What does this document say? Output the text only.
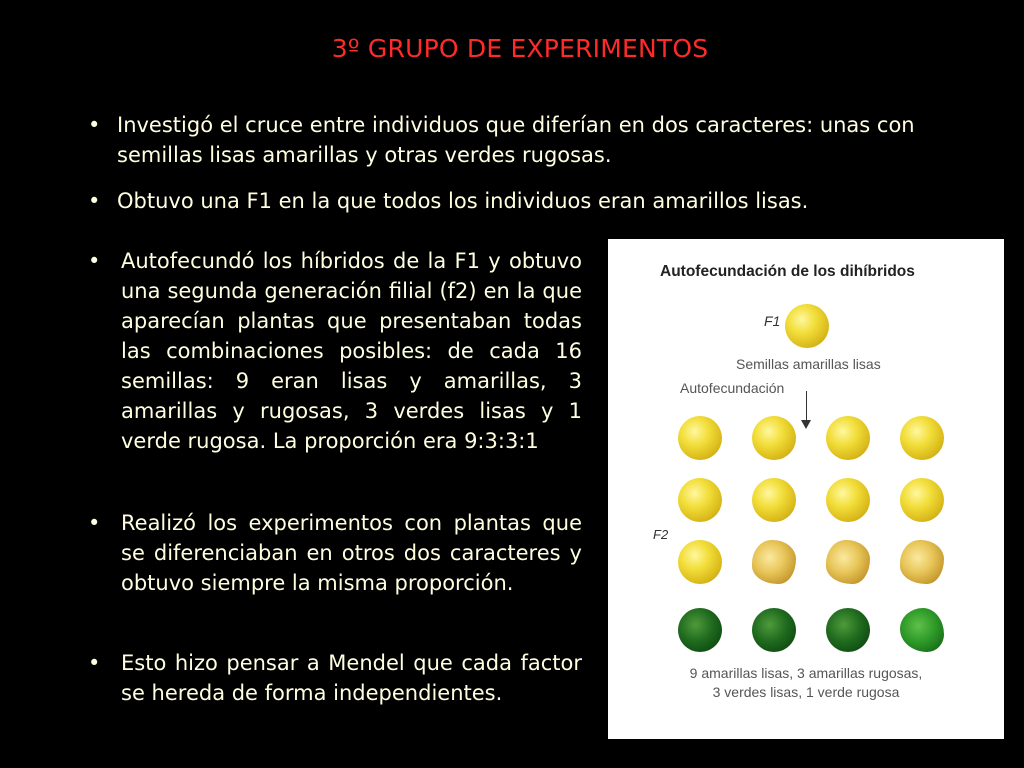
3º GRUPO DE EXPERIMENTOS
• Investigó el cruce entre individuos que diferían en dos caracteres: unas con semillas lisas amarillas y otras verdes rugosas.
• Obtuvo una F1 en la que todos los individuos eran amarillos lisas.
• Autofecundó los híbridos de la F1 y obtuvo una segunda generación filial (f2) en la que aparecían plantas que presentaban todas las combinaciones posibles: de cada 16 semillas: 9 eran lisas y amarillas, 3 amarillas y rugosas, 3 verdes lisas y 1 verde rugosa. La proporción era 9:3:3:1
• Realizó los experimentos con plantas que se diferenciaban en otros dos caracteres y obtuvo siempre la misma proporción.
• Esto hizo pensar a Mendel que cada factor se hereda de forma independientes.
Autofecundación de los dihíbridos
F1
Semillas amarillas lisas
Autofecundación
F2
9 amarillas lisas, 3 amarillas rugosas,
3 verdes lisas, 1 verde rugosa
